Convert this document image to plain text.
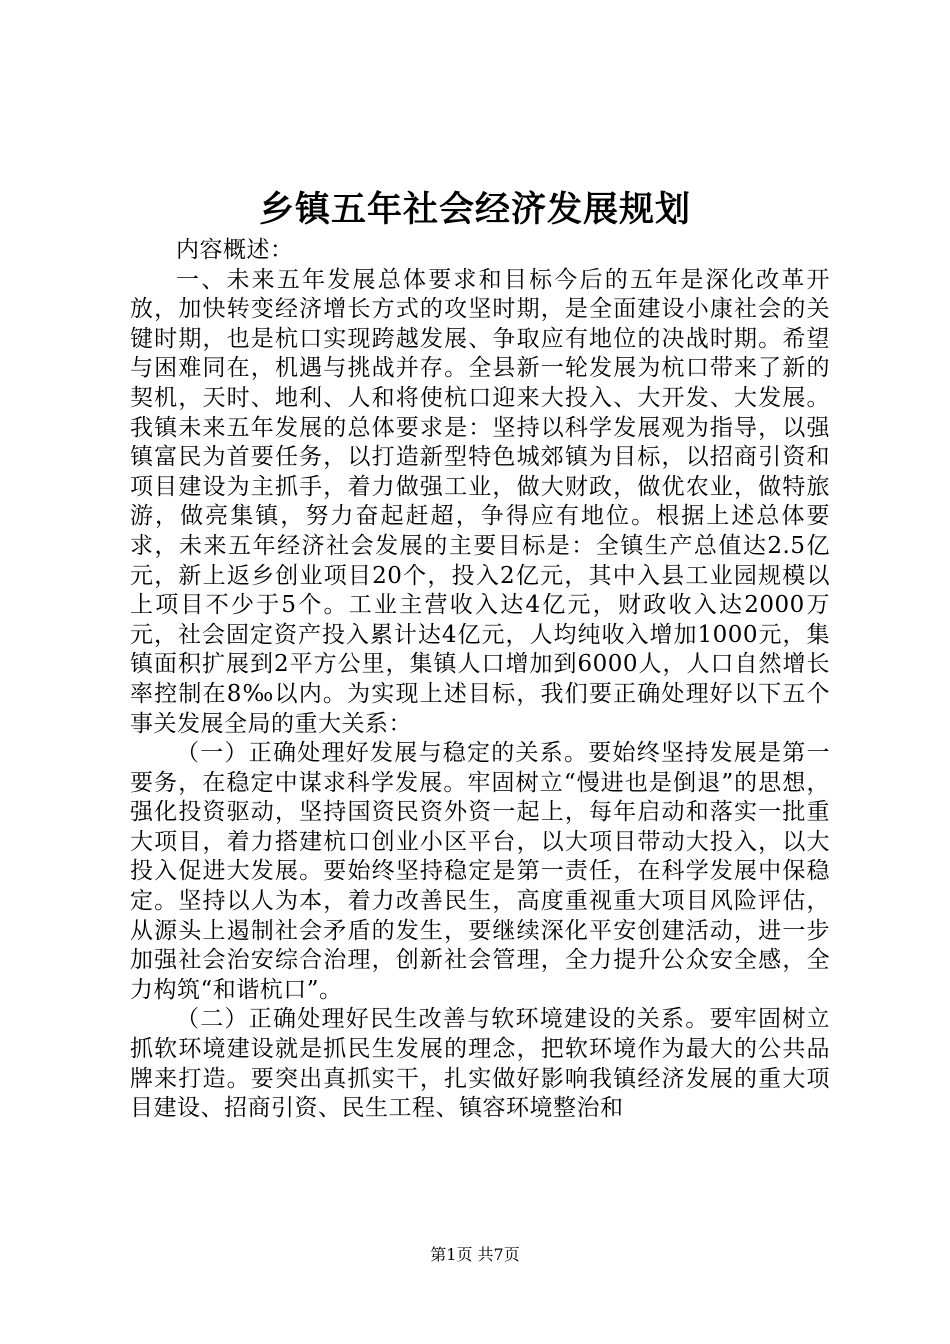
乡镇五年社会经济发展规划

内容概述：

一、未来五年发展总体要求和目标今后的五年是深化改革开放，加快转变经济增长方式的攻坚时期，是全面建设小康社会的关键时期，也是杭口实现跨越发展、争取应有地位的决战时期。希望与困难同在，机遇与挑战并存。全县新一轮发展为杭口带来了新的契机，天时、地利、人和将使杭口迎来大投入、大开发、大发展。我镇未来五年发展的总体要求是：坚持以科学发展观为指导，以强镇富民为首要任务，以打造新型特色城郊镇为目标，以招商引资和项目建设为主抓手，着力做强工业，做大财政，做优农业，做特旅游，做亮集镇，努力奋起赶超，争得应有地位。根据上述总体要求，未来五年经济社会发展的主要目标是：全镇生产总值达2.5亿元，新上返乡创业项目20个，投入2亿元，其中入县工业园规模以上项目不少于5个。工业主营收入达4亿元，财政收入达2000万元，社会固定资产投入累计达4亿元，人均纯收入增加1000元，集镇面积扩展到2平方公里，集镇人口增加到6000人，人口自然增长率控制在8‰以内。为实现上述目标，我们要正确处理好以下五个事关发展全局的重大关系：

（一）正确处理好发展与稳定的关系。要始终坚持发展是第一要务，在稳定中谋求科学发展。牢固树立“慢进也是倒退”的思想，强化投资驱动，坚持国资民资外资一起上，每年启动和落实一批重大项目，着力搭建杭口创业小区平台，以大项目带动大投入，以大投入促进大发展。要始终坚持稳定是第一责任，在科学发展中保稳定。坚持以人为本，着力改善民生，高度重视重大项目风险评估，从源头上遏制社会矛盾的发生，要继续深化平安创建活动，进一步加强社会治安综合治理，创新社会管理，全力提升公众安全感，全力构筑“和谐杭口”。

（二）正确处理好民生改善与软环境建设的关系。要牢固树立抓软环境建设就是抓民生发展的理念，把软环境作为最大的公共品牌来打造。要突出真抓实干，扎实做好影响我镇经济发展的重大项目建设、招商引资、民生工程、镇容环境整治和

第1页 共7页
